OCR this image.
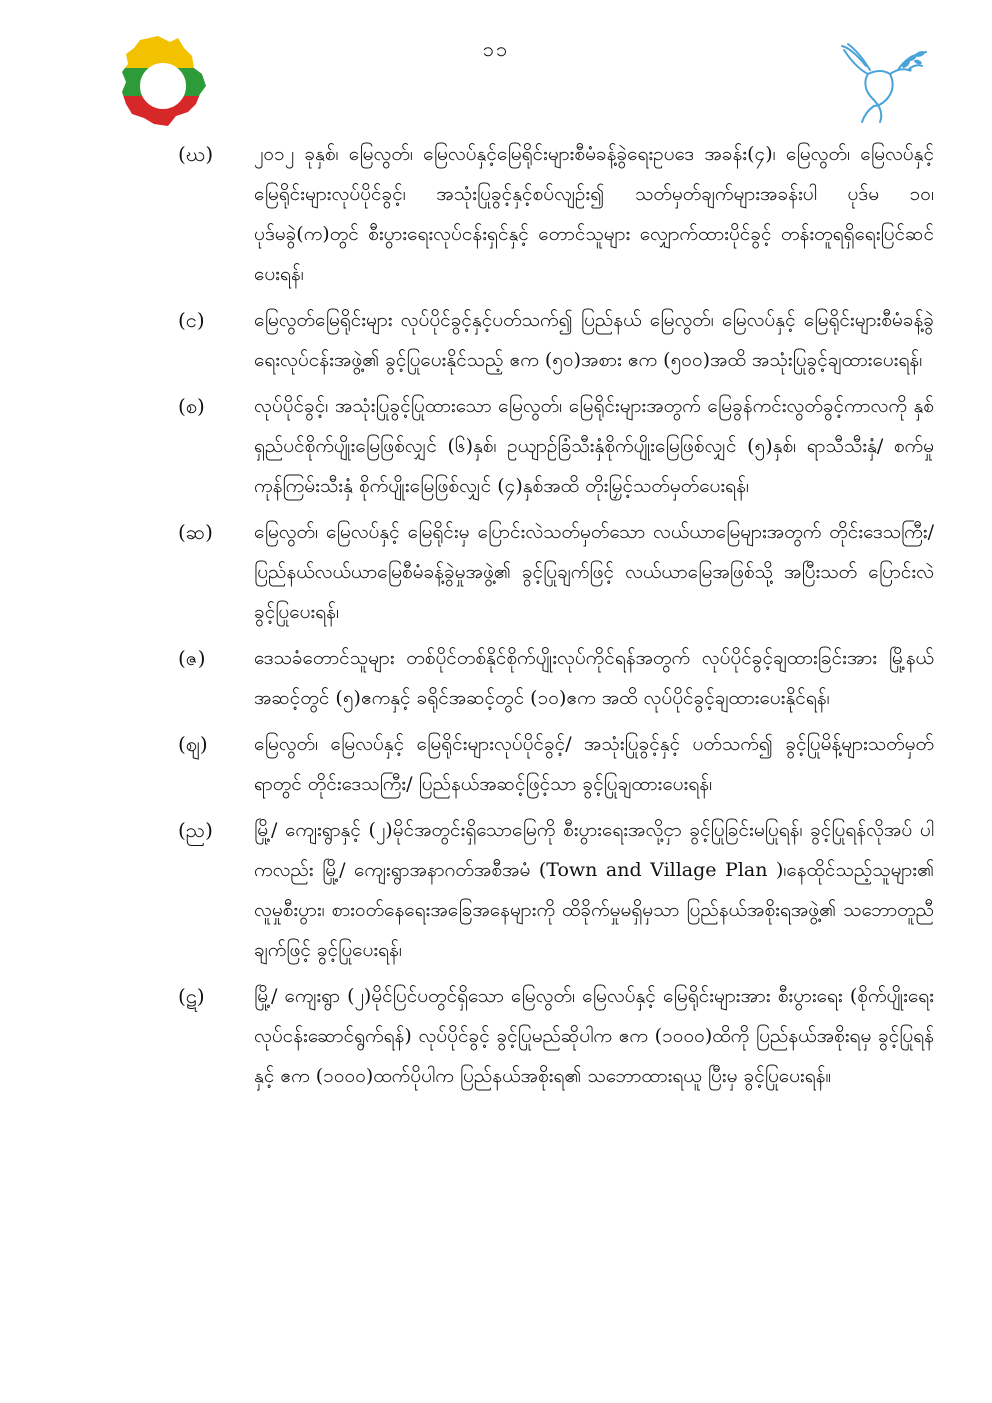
၁၁
(ဃ) ၂၀၁၂ ခုနှစ်၊ မြေလွတ်၊ မြေလပ်နှင့်မြေရိုင်းများစီမံခန့်ခွဲရေးဥပဒေ အခန်း(၄)၊ မြေလွတ်၊ မြေလပ်နှင့် မြေရိုင်းများလုပ်ပိုင်ခွင့်၊ အသုံးပြုခွင့်နှင့်စပ်လျဉ်း၍ သတ်မှတ်ချက်များအခန်းပါ ပုဒ်မ ၁၀၊ ပုဒ်မခွဲ(က)တွင် စီးပွားရေးလုပ်ငန်းရှင်နှင့် တောင်သူများ လျှောက်ထားပိုင်ခွင့် တန်းတူရရှိရေးပြင်ဆင်ပေးရန်၊
(င)	မြေလွတ်မြေရိုင်းများ လုပ်ပိုင်ခွင့်နှင့်ပတ်သက်၍ ပြည်နယ် မြေလွတ်၊ မြေလပ်နှင့် မြေရိုင်းများစီမံခန့်ခွဲရေးလုပ်ငန်းအဖွဲ့၏ ခွင့်ပြုပေးနိုင်သည့် ဧက (၅၀)အစား ဧက (၅၀၀)အထိ အသုံးပြုခွင့်ချထားပေးရန်၊
(စ)	လုပ်ပိုင်ခွင့်၊ အသုံးပြုခွင့်ပြုထားသော မြေလွတ်၊ မြေရိုင်းများအတွက် မြေခွန်ကင်းလွတ်ခွင့်ကာလကို နှစ်ရှည်ပင်စိုက်ပျိုးမြေဖြစ်လျှင် (၆)နှစ်၊ ဥယျာဉ်ခြံသီးနှံစိုက်ပျိုးမြေဖြစ်လျှင် (၅)နှစ်၊ ရာသီသီးနှံ/ စက်မှုကုန်ကြမ်းသီးနှံ စိုက်ပျိုးမြေဖြစ်လျှင် (၄)နှစ်အထိ တိုးမြှင့်သတ်မှတ်ပေးရန်၊
(ဆ) မြေလွတ်၊ မြေလပ်နှင့် မြေရိုင်းမှ ပြောင်းလဲသတ်မှတ်သော လယ်ယာမြေများအတွက် တိုင်းဒေသကြီး/ ပြည်နယ်လယ်ယာမြေစီမံခန့်ခွဲမှုအဖွဲ့၏ ခွင့်ပြုချက်ဖြင့် လယ်ယာမြေအဖြစ်သို့ အပြီးသတ် ပြောင်းလဲခွင့်ပြုပေးရန်၊
(ဇ)	ဒေသခံတောင်သူများ တစ်ပိုင်တစ်နိုင်စိုက်ပျိုးလုပ်ကိုင်ရန်အတွက် လုပ်ပိုင်ခွင့်ချထားခြင်းအား မြို့နယ်အဆင့်တွင် (၅)ဧကနှင့် ခရိုင်အဆင့်တွင် (၁၀)ဧက အထိ လုပ်ပိုင်ခွင့်ချထားပေးနိုင်ရန်၊
(ဈ) မြေလွတ်၊ မြေလပ်နှင့် မြေရိုင်းများလုပ်ပိုင်ခွင့်/ အသုံးပြုခွင့်နှင့် ပတ်သက်၍ ခွင့်ပြုမိန့်များသတ်မှတ်ရာတွင် တိုင်းဒေသကြီး/ ပြည်နယ်အဆင့်ဖြင့်သာ ခွင့်ပြုချထားပေးရန်၊
(ည) မြို့/ ကျေးရွာနှင့် (၂)မိုင်အတွင်းရှိသောမြေကို စီးပွားရေးအလို့ငှာ ခွင့်ပြုခြင်းမပြုရန်၊ ခွင့်ပြုရန်လိုအပ် ပါကလည်း မြို့/ ကျေးရွာအနာဂတ်အစီအမံ (Town and Village Plan )၊နေထိုင်သည့်သူများ၏ လူမှုစီးပွား၊ စားဝတ်နေရေးအခြေအနေများကို ထိခိုက်မှုမရှိမှသာ ပြည်နယ်အစိုးရအဖွဲ့၏ သဘောတူညီချက်ဖြင့် ခွင့်ပြုပေးရန်၊
(ဋ)	မြို့/ ကျေးရွာ (၂)မိုင်ပြင်ပတွင်ရှိသော မြေလွတ်၊ မြေလပ်နှင့် မြေရိုင်းများအား စီးပွားရေး (စိုက်ပျိုးရေး လုပ်ငန်းဆောင်ရွက်ရန်) လုပ်ပိုင်ခွင့် ခွင့်ပြုမည်ဆိုပါက ဧက (၁၀၀၀)ထိကို ပြည်နယ်အစိုးရမှ ခွင့်ပြုရန်နှင့် ဧက (၁၀၀၀)ထက်ပိုပါက ပြည်နယ်အစိုးရ၏ သဘောထားရယူ ပြီးမှ ခွင့်ပြုပေးရန်။
